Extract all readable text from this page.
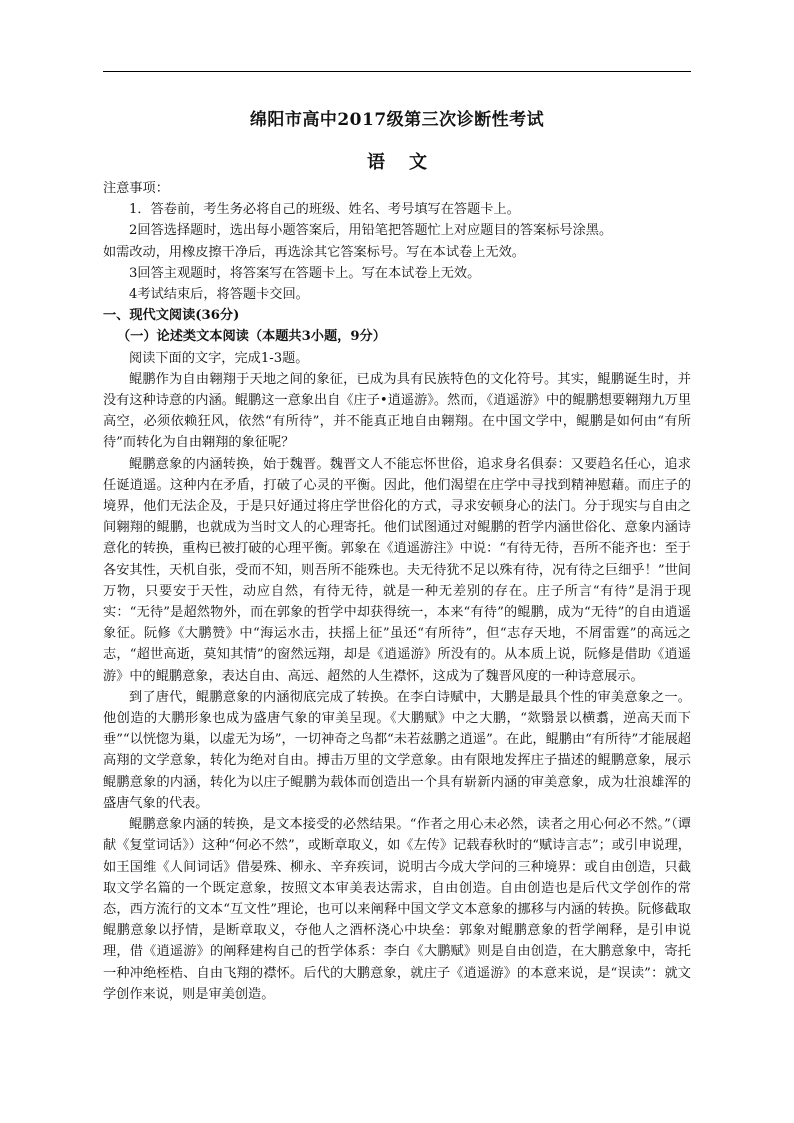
绵阳市高中2017级第三次诊断性考试
语 文

注意事项：

1．答卷前，考生务必将自己的班级、姓名、考号填写在答题卡上。

2回答选择题时，选出每小题答案后，用铅笔把答题忙上对应题目的答案标号涂黑。

如需改动，用橡皮擦干净后，再选涂其它答案标号。写在本试卷上无效。

3回答主观题时，将答案写在答题卡上。写在本试卷上无效。

4考试结束后，将答题卡交回。

一、现代文阅读(36分)

（一）论述类文本阅读（本题共3小题，9分）

阅读下面的文字，完成1-3题。

鲲鹏作为自由翱翔于天地之间的象征，已成为具有民族特色的文化符号。其实，鲲鹏诞生时，并没有这种诗意的内涵。鲲鹏这一意象出自《庄子•逍遥游》。然而，《逍遥游》中的鲲鹏想要翱翔九万里高空，必须依赖狂风，依然“有所待”，并不能真正地自由翱翔。在中国文学中，鲲鹏是如何由“有所待”而转化为自由翱翔的象征呢？

鲲鹏意象的内涵转换，始于魏晋。魏晋文人不能忘怀世俗，追求身名俱泰：又要趋名任心，追求任诞逍遥。这种内在矛盾，打破了心灵的平衡。因此，他们渴望在庄学中寻找到精神慰藉。而庄子的境界，他们无法企及，于是只好通过将庄学世俗化的方式，寻求安顿身心的法门。分于现实与自由之间翱翔的鲲鹏，也就成为当时文人的心理寄托。他们试图通过对鲲鹏的哲学内涵世俗化、意象内涵诗意化的转换，重构已被打破的心理平衡。郭象在《逍遥游注》中说：“有待无待，吾所不能齐也：至于各安其性，天机自张，受而不知，则吾所不能殊也。夫无待犹不足以殊有待，况有待之巨细乎！”世间万物，只要安于天性，动应自然，有待无待，就是一种无差别的存在。庄子所言“有待”是涓于现实：“无待”是超然物外，而在郭象的哲学中却获得统一，本来“有待”的鲲鹏，成为“无待”的自由逍遥象征。阮修《大鹏赞》中“海运水击，扶摇上征”虽还“有所待”，但“志存天地，不屑雷霆”的高远之志，“超世高逝，莫知其情”的窗然远翔，却是《逍遥游》所没有的。从本质上说，阮修是借助《逍遥游》中的鲲鹏意象，表达自由、高远、超然的人生襟怀，这成为了魏晋风度的一种诗意展示。

到了唐代，鲲鹏意象的内涵彻底完成了转换。在李白诗赋中，大鹏是最具个性的审美意象之一。他创造的大鹏形象也成为盛唐气象的审美呈现。《大鹏赋》中之大鹏，“欻翳景以横翥，逆高天而下垂”“以恍惚为巢，以虚无为场”，一切神奇之鸟都“未若兹鹏之逍遥”。在此，鲲鹏由“有所待”才能展超高翔的文学意象，转化为绝对自由。搏击万里的文学意象。由有限地发挥庄子描述的鲲鹏意象，展示鲲鹏意象的内涵，转化为以庄子鲲鹏为载体而创造出一个具有崭新内涵的审美意象，成为壮浪雄浑的盛唐气象的代表。

鲲鹏意象内涵的转换，是文本接受的必然结果。“作者之用心未必然，读者之用心何必不然。”（谭献《复堂词话》）这种“何必不然”，或断章取义，如《左传》记载春秋时的“赋诗言志”；或引申说理，如王国维《人间词话》借晏殊、柳永、辛弃疾词，说明古今成大学问的三种境界：或自由创造，只截取文学名篇的一个既定意象，按照文本审美表达需求，自由创造。自由创造也是后代文学创作的常态，西方流行的文本“互文性”理论，也可以来阐释中国文学文本意象的挪移与内涵的转换。阮修截取鲲鹏意象以抒情，是断章取义，夺他人之酒杯浇心中块垒：郭象对鲲鹏意象的哲学阐释，是引申说理，借《逍遥游》的阐释建构自己的哲学体系：李白《大鹏赋》则是自由创造，在大鹏意象中，寄托一种冲绝桎梏、自由飞翔的襟怀。后代的大鹏意象，就庄子《逍遥游》的本意来说，是“误读”：就文学创作来说，则是审美创造。
